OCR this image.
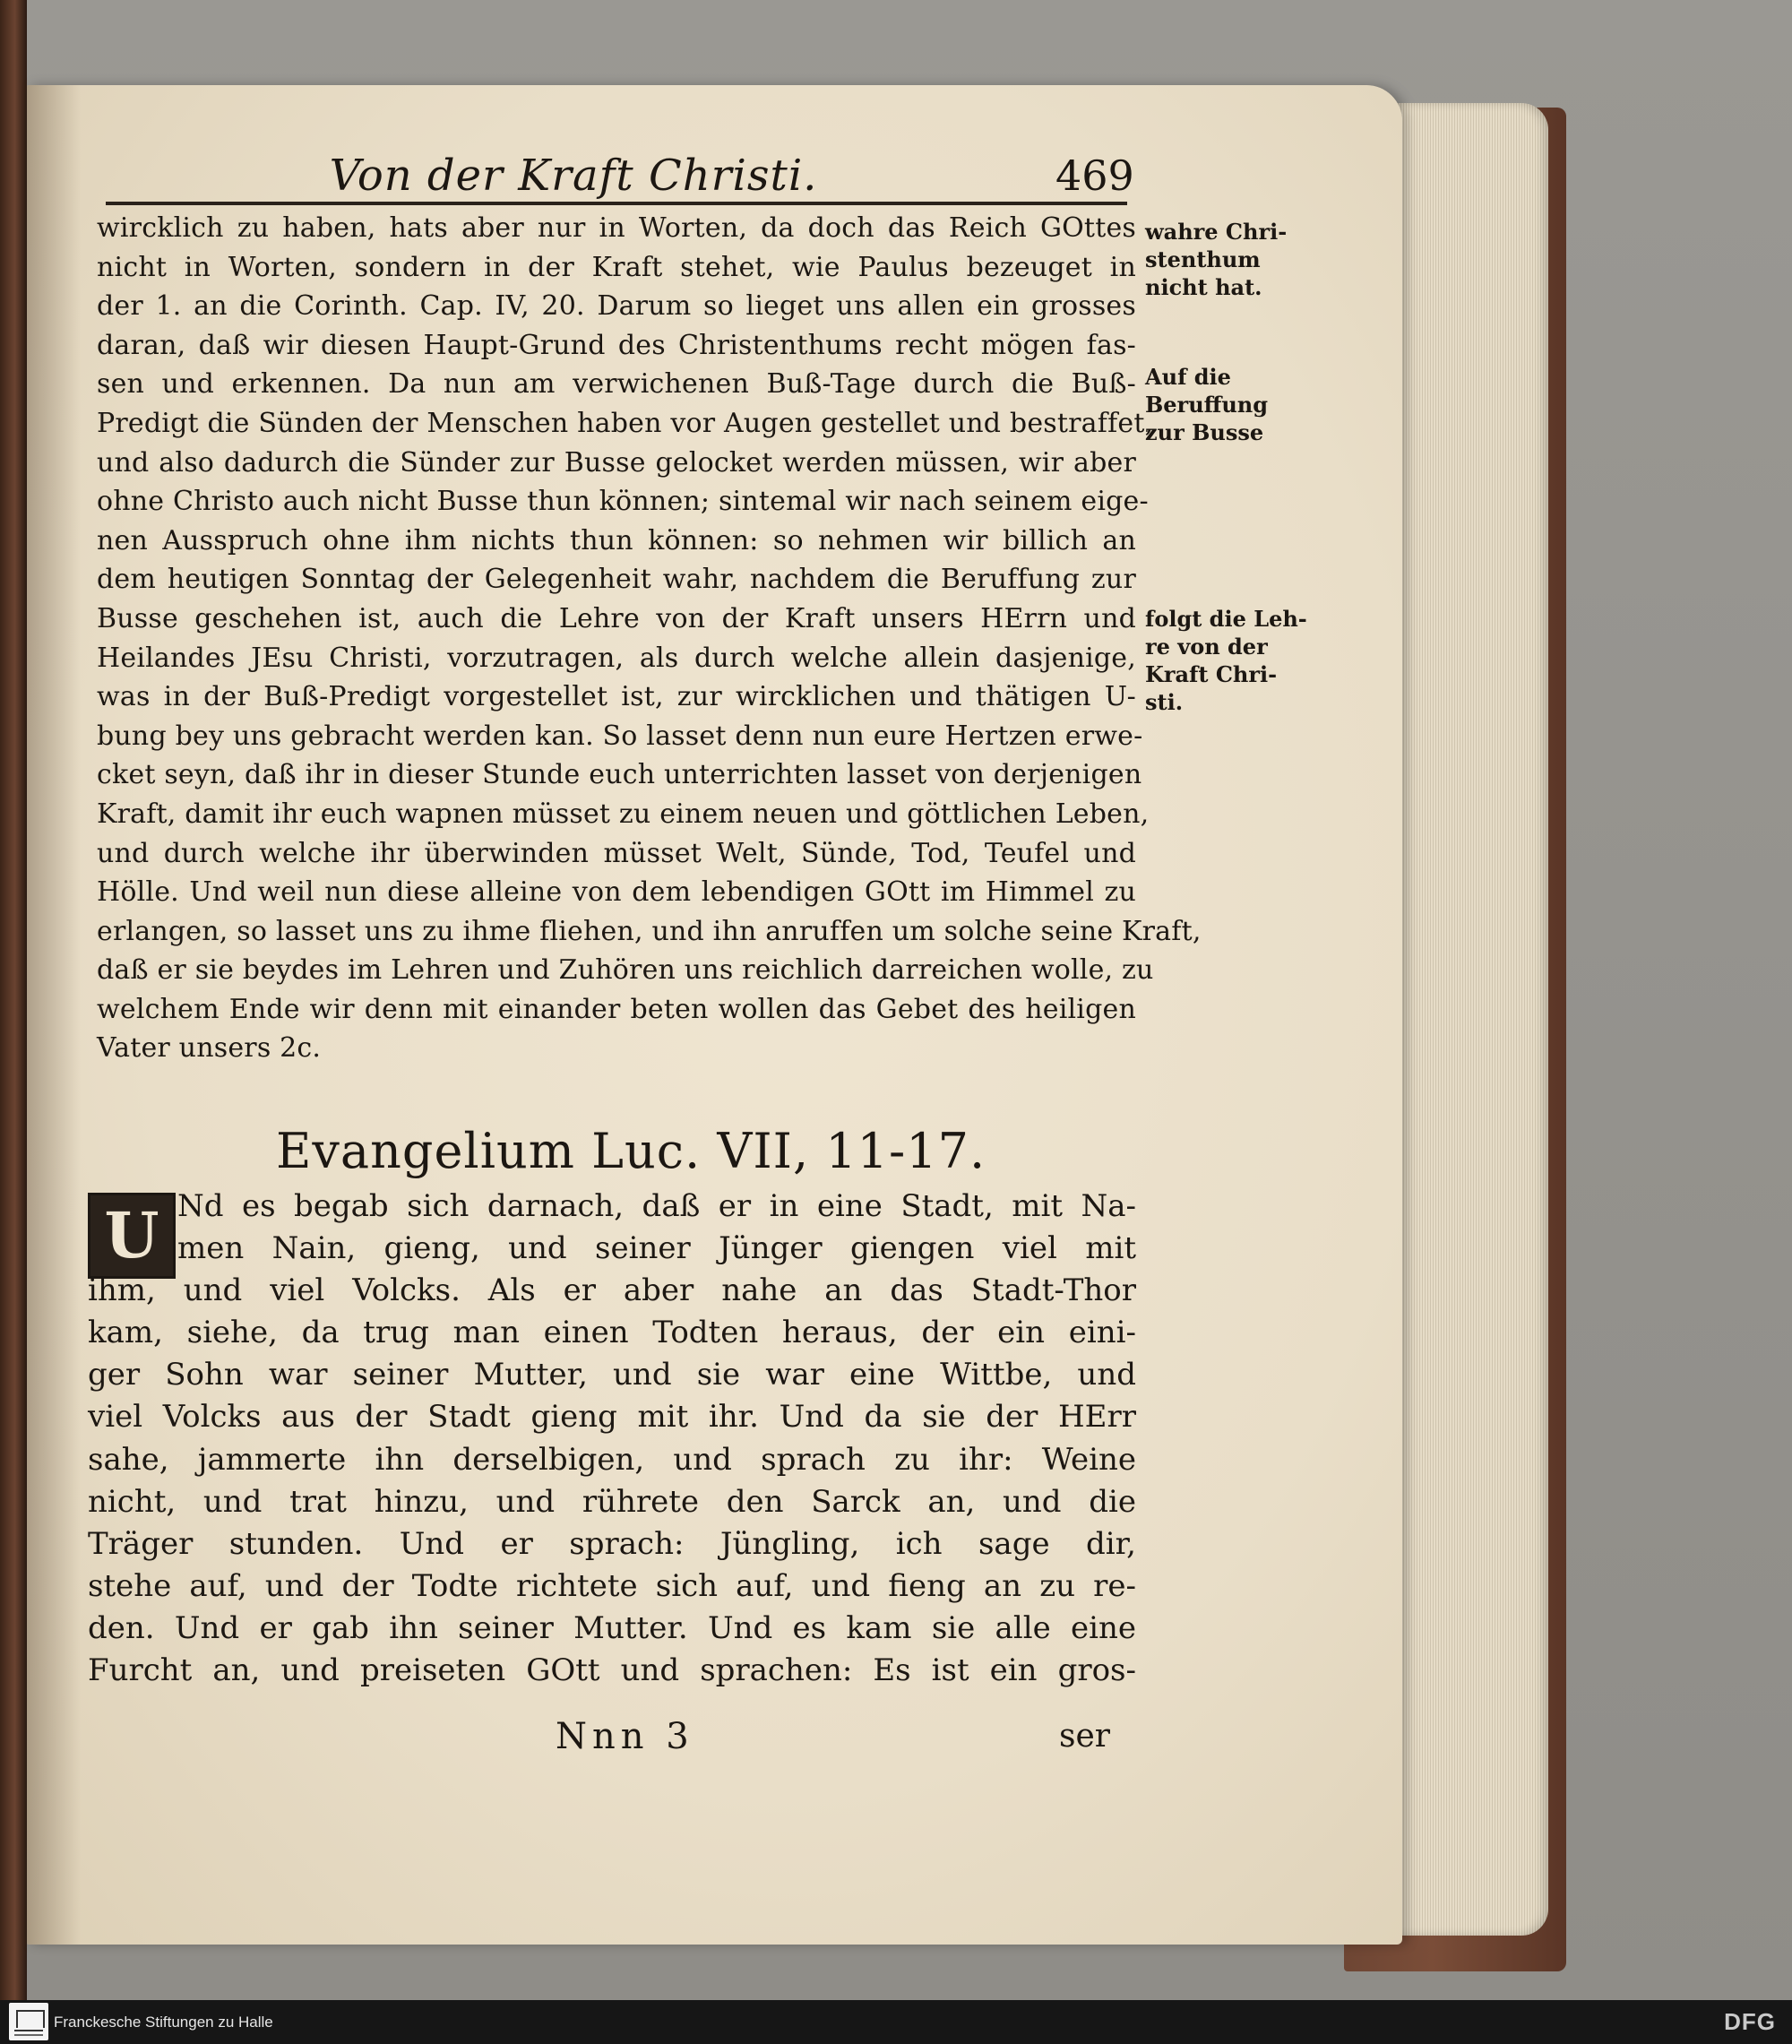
Von der Kraft Christi.	469
wircklich zu haben, hats aber nur in Worten, da doch das Reich GOttes
nicht in Worten, sondern in der Kraft stehet, wie Paulus bezeuget in
der 1. an die Corinth. Cap. IV, 20. Darum so lieget uns allen ein grosses
daran, daß wir diesen Haupt-Grund des Christenthums recht mögen fas-
sen und erkennen. Da nun am verwichenen Buß-Tage durch die Buß-
Predigt die Sünden der Menschen haben vor Augen gestellet und bestraffet,
und also dadurch die Sünder zur Busse gelocket werden müssen, wir aber
ohne Christo auch nicht Busse thun können; sintemal wir nach seinem eige-
nen Ausspruch ohne ihm nichts thun können: so nehmen wir billich an
dem heutigen Sonntag der Gelegenheit wahr, nachdem die Beruffung zur
Busse geschehen ist, auch die Lehre von der Kraft unsers HErrn und
Heilandes JEsu Christi, vorzutragen, als durch welche allein dasjenige,
was in der Buß-Predigt vorgestellet ist, zur wircklichen und thätigen U-
bung bey uns gebracht werden kan. So lasset denn nun eure Hertzen erwe-
cket seyn, daß ihr in dieser Stunde euch unterrichten lasset von derjenigen
Kraft, damit ihr euch wapnen müsset zu einem neuen und göttlichen Leben,
und durch welche ihr überwinden müsset Welt, Sünde, Tod, Teufel und
Hölle. Und weil nun diese alleine von dem lebendigen GOtt im Himmel zu
erlangen, so lasset uns zu ihme fliehen, und ihn anruffen um solche seine Kraft,
daß er sie beydes im Lehren und Zuhören uns reichlich darreichen wolle, zu
welchem Ende wir denn mit einander beten wollen das Gebet des heiligen
Vater unsers 2c.
Evangelium Luc. VII, 11-17.
U Nd es begab sich darnach, daß er in eine Stadt, mit Na-
men Nain, gieng, und seiner Jünger giengen viel mit
ihm, und viel Volcks. Als er aber nahe an das Stadt-Thor
kam, siehe, da trug man einen Todten heraus, der ein eini-
ger Sohn war seiner Mutter, und sie war eine Wittbe, und
viel Volcks aus der Stadt gieng mit ihr. Und da sie der HErr
sahe, jammerte ihn derselbigen, und sprach zu ihr: Weine
nicht, und trat hinzu, und rührete den Sarck an, und die
Träger stunden. Und er sprach: Jüngling, ich sage dir,
stehe auf, und der Todte richtete sich auf, und fieng an zu re-
den. Und er gab ihn seiner Mutter. Und es kam sie alle eine
Furcht an, und preiseten GOtt und sprachen: Es ist ein gros-
Nnn 3	ser
wahre Chri-
stenthum
nicht hat.
Auf die
Beruffung
zur Busse
folgt die Leh-
re von der
Kraft Chri-
sti.
Franckesche Stiftungen zu Halle	DFG
